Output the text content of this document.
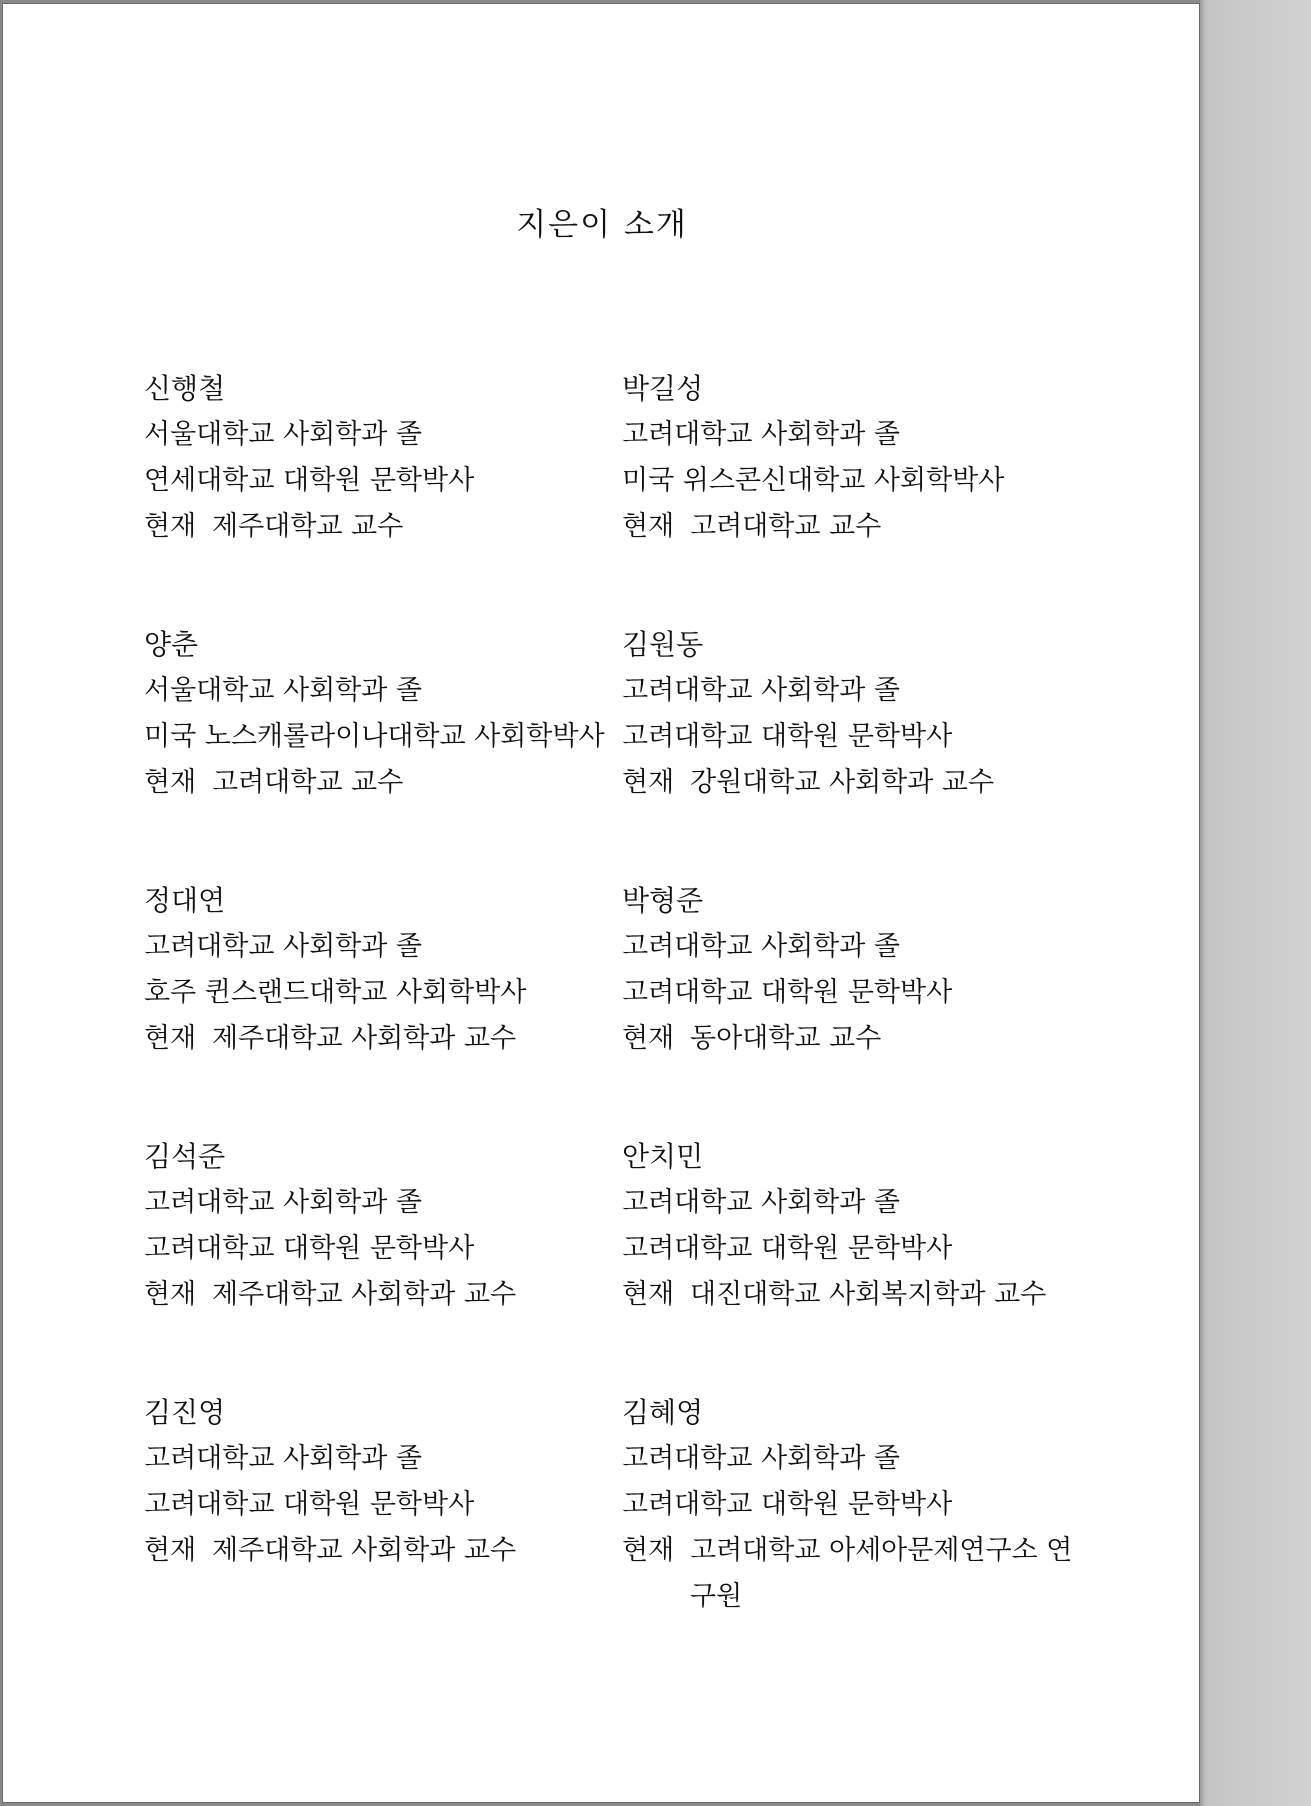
지은이 소개
신행철
서울대학교 사회학과 졸
연세대학교 대학원 문학박사
현재 제주대학교 교수
박길성
고려대학교 사회학과 졸
미국 위스콘신대학교 사회학박사
현재 고려대학교 교수
양춘
서울대학교 사회학과 졸
미국 노스캐롤라이나대학교 사회학박사
현재 고려대학교 교수
김원동
고려대학교 사회학과 졸
고려대학교 대학원 문학박사
현재 강원대학교 사회학과 교수
정대연
고려대학교 사회학과 졸
호주 퀸스랜드대학교 사회학박사
현재 제주대학교 사회학과 교수
박형준
고려대학교 사회학과 졸
고려대학교 대학원 문학박사
현재 동아대학교 교수
김석준
고려대학교 사회학과 졸
고려대학교 대학원 문학박사
현재 제주대학교 사회학과 교수
안치민
고려대학교 사회학과 졸
고려대학교 대학원 문학박사
현재 대진대학교 사회복지학과 교수
김진영
고려대학교 사회학과 졸
고려대학교 대학원 문학박사
현재 제주대학교 사회학과 교수
김혜영
고려대학교 사회학과 졸
고려대학교 대학원 문학박사
현재 고려대학교 아세아문제연구소 연구원
